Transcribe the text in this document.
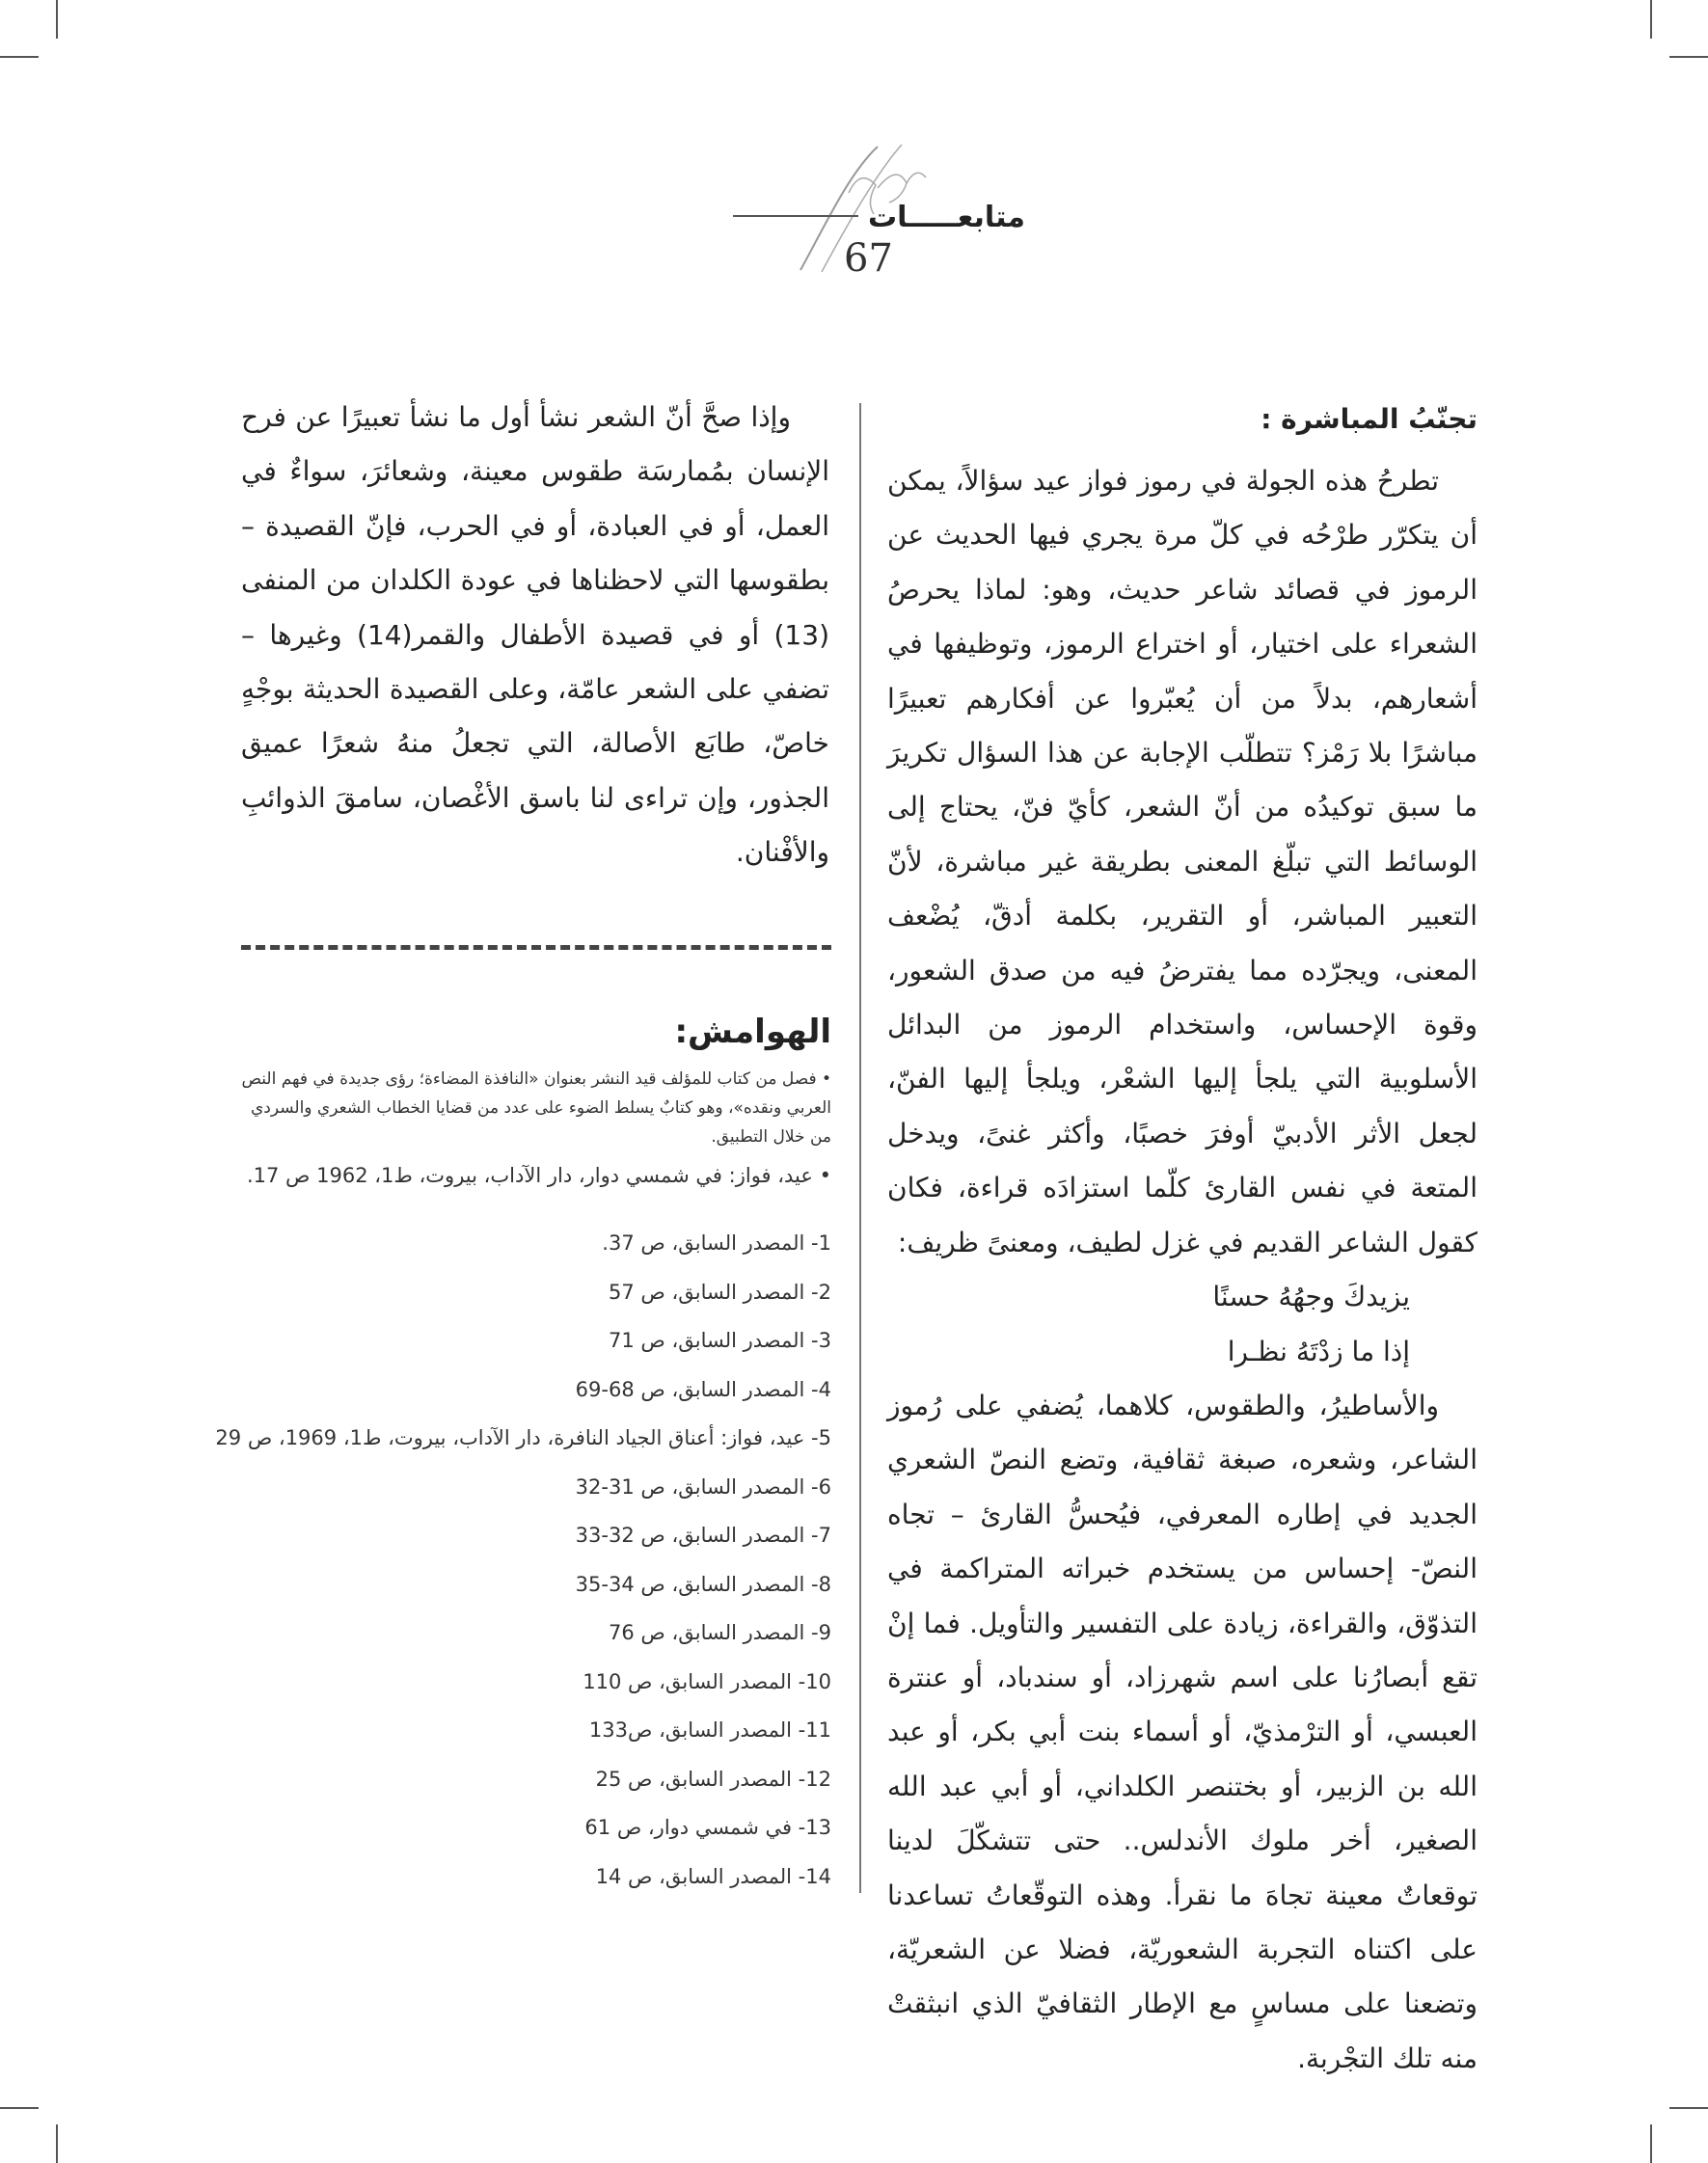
متابعـــــات
67
تجنّبُ المباشرة :

تطرحُ هذه الجولة في رموز فواز عيد سؤالاً، يمكن أن يتكرّر طرْحُه في كلّ مرة يجري فيها الحديث عن الرموز في قصائد شاعر حديث، وهو: لماذا يحرصُ الشعراء على اختيار، أو اختراع الرموز، وتوظيفها في أشعارهم، بدلاً من أن يُعبّروا عن أفكارهم تعبيرًا مباشرًا بلا رَمْز؟ تتطلّب الإجابة عن هذا السؤال تكريرَ ما سبق توكيدُه من أنّ الشعر، كأيّ فنّ، يحتاج إلى الوسائط التي تبلّغ المعنى بطريقة غير مباشرة، لأنّ التعبير المباشر، أو التقرير، بكلمة أدقّ، يُضْعف المعنى، ويجرّده مما يفترضُ فيه من صدق الشعور، وقوة الإحساس، واستخدام الرموز من البدائل الأسلوبية التي يلجأ إليها الشعْر، ويلجأ إليها الفنّ، لجعل الأثر الأدبيّ أوفرَ خصبًا، وأكثر غنىً، ويدخل المتعة في نفس القارئ كلّما استزادَه قراءة، فكان كقول الشاعر القديم في غزل لطيف، ومعنىً ظريف:

يزيدكَ وجهُهُ حسنًا

إذا ما زدْتَهُ نظـرا

والأساطيرُ، والطقوس، كلاهما، يُضفي على رُموز الشاعر، وشعره، صبغة ثقافية، وتضع النصّ الشعري الجديد في إطاره المعرفي، فيُحسُّ القارئ – تجاه النصّ- إحساس من يستخدم خبراته المتراكمة في التذوّق، والقراءة، زيادة على التفسير والتأويل. فما إنْ تقع أبصارُنا على اسم شهرزاد، أو سندباد، أو عنترة العبسي، أو الترْمذيّ، أو أسماء بنت أبي بكر، أو عبد الله بن الزبير، أو بختنصر الكلداني، أو أبي عبد الله الصغير، أخر ملوك الأندلس.. حتى تتشكّلَ لدينا توقعاتٌ معينة تجاهَ ما نقرأ. وهذه التوقّعاتُ تساعدنا على اكتناه التجربة الشعوريّة، فضلا عن الشعريّة، وتضعنا على مساسٍ مع الإطار الثقافيّ الذي انبثقتْ منه تلك التجْربة.

وإذا صحَّ أنّ الشعر نشأ أول ما نشأ تعبيرًا عن فرح الإنسان بمُمارسَة طقوس معينة، وشعائرَ، سواءٌ في العمل، أو في العبادة، أو في الحرب، فإنّ القصيدة – بطقوسها التي لاحظناها في عودة الكلدان من المنفى (13) أو في قصيدة الأطفال والقمر(14) وغيرها – تضفي على الشعر عامّة، وعلى القصيدة الحديثة بوجْهٍ خاصّ، طابَع الأصالة، التي تجعلُ منهُ شعرًا عميق الجذور، وإن تراءى لنا باسق الأغْصان، سامقَ الذوائبِ والأفْنان.

الهوامش:

• فصل من كتاب للمؤلف قيد النشر بعنوان «النافذة المضاءة؛ رؤى جديدة في فهم النص العربي ونقده»، وهو كتابٌ يسلط الضوء على عدد من قضايا الخطاب الشعري والسردي من خلال التطبيق.

• عيد، فواز: في شمسي دوار، دار الآداب، بيروت، ط1، 1962 ص 17.

1- المصدر السابق، ص 37.
2- المصدر السابق، ص 57
3- المصدر السابق، ص 71
4- المصدر السابق، ص 68-69
5- عيد، فواز: أعناق الجياد النافرة، دار الآداب، بيروت، ط1، 1969، ص 29
6- المصدر السابق، ص 31-32
7- المصدر السابق، ص 32-33
8- المصدر السابق، ص 34-35
9- المصدر السابق، ص 76
10- المصدر السابق، ص 110
11- المصدر السابق، ص133
12- المصدر السابق، ص 25
13- في شمسي دوار، ص 61
14- المصدر السابق، ص 14
